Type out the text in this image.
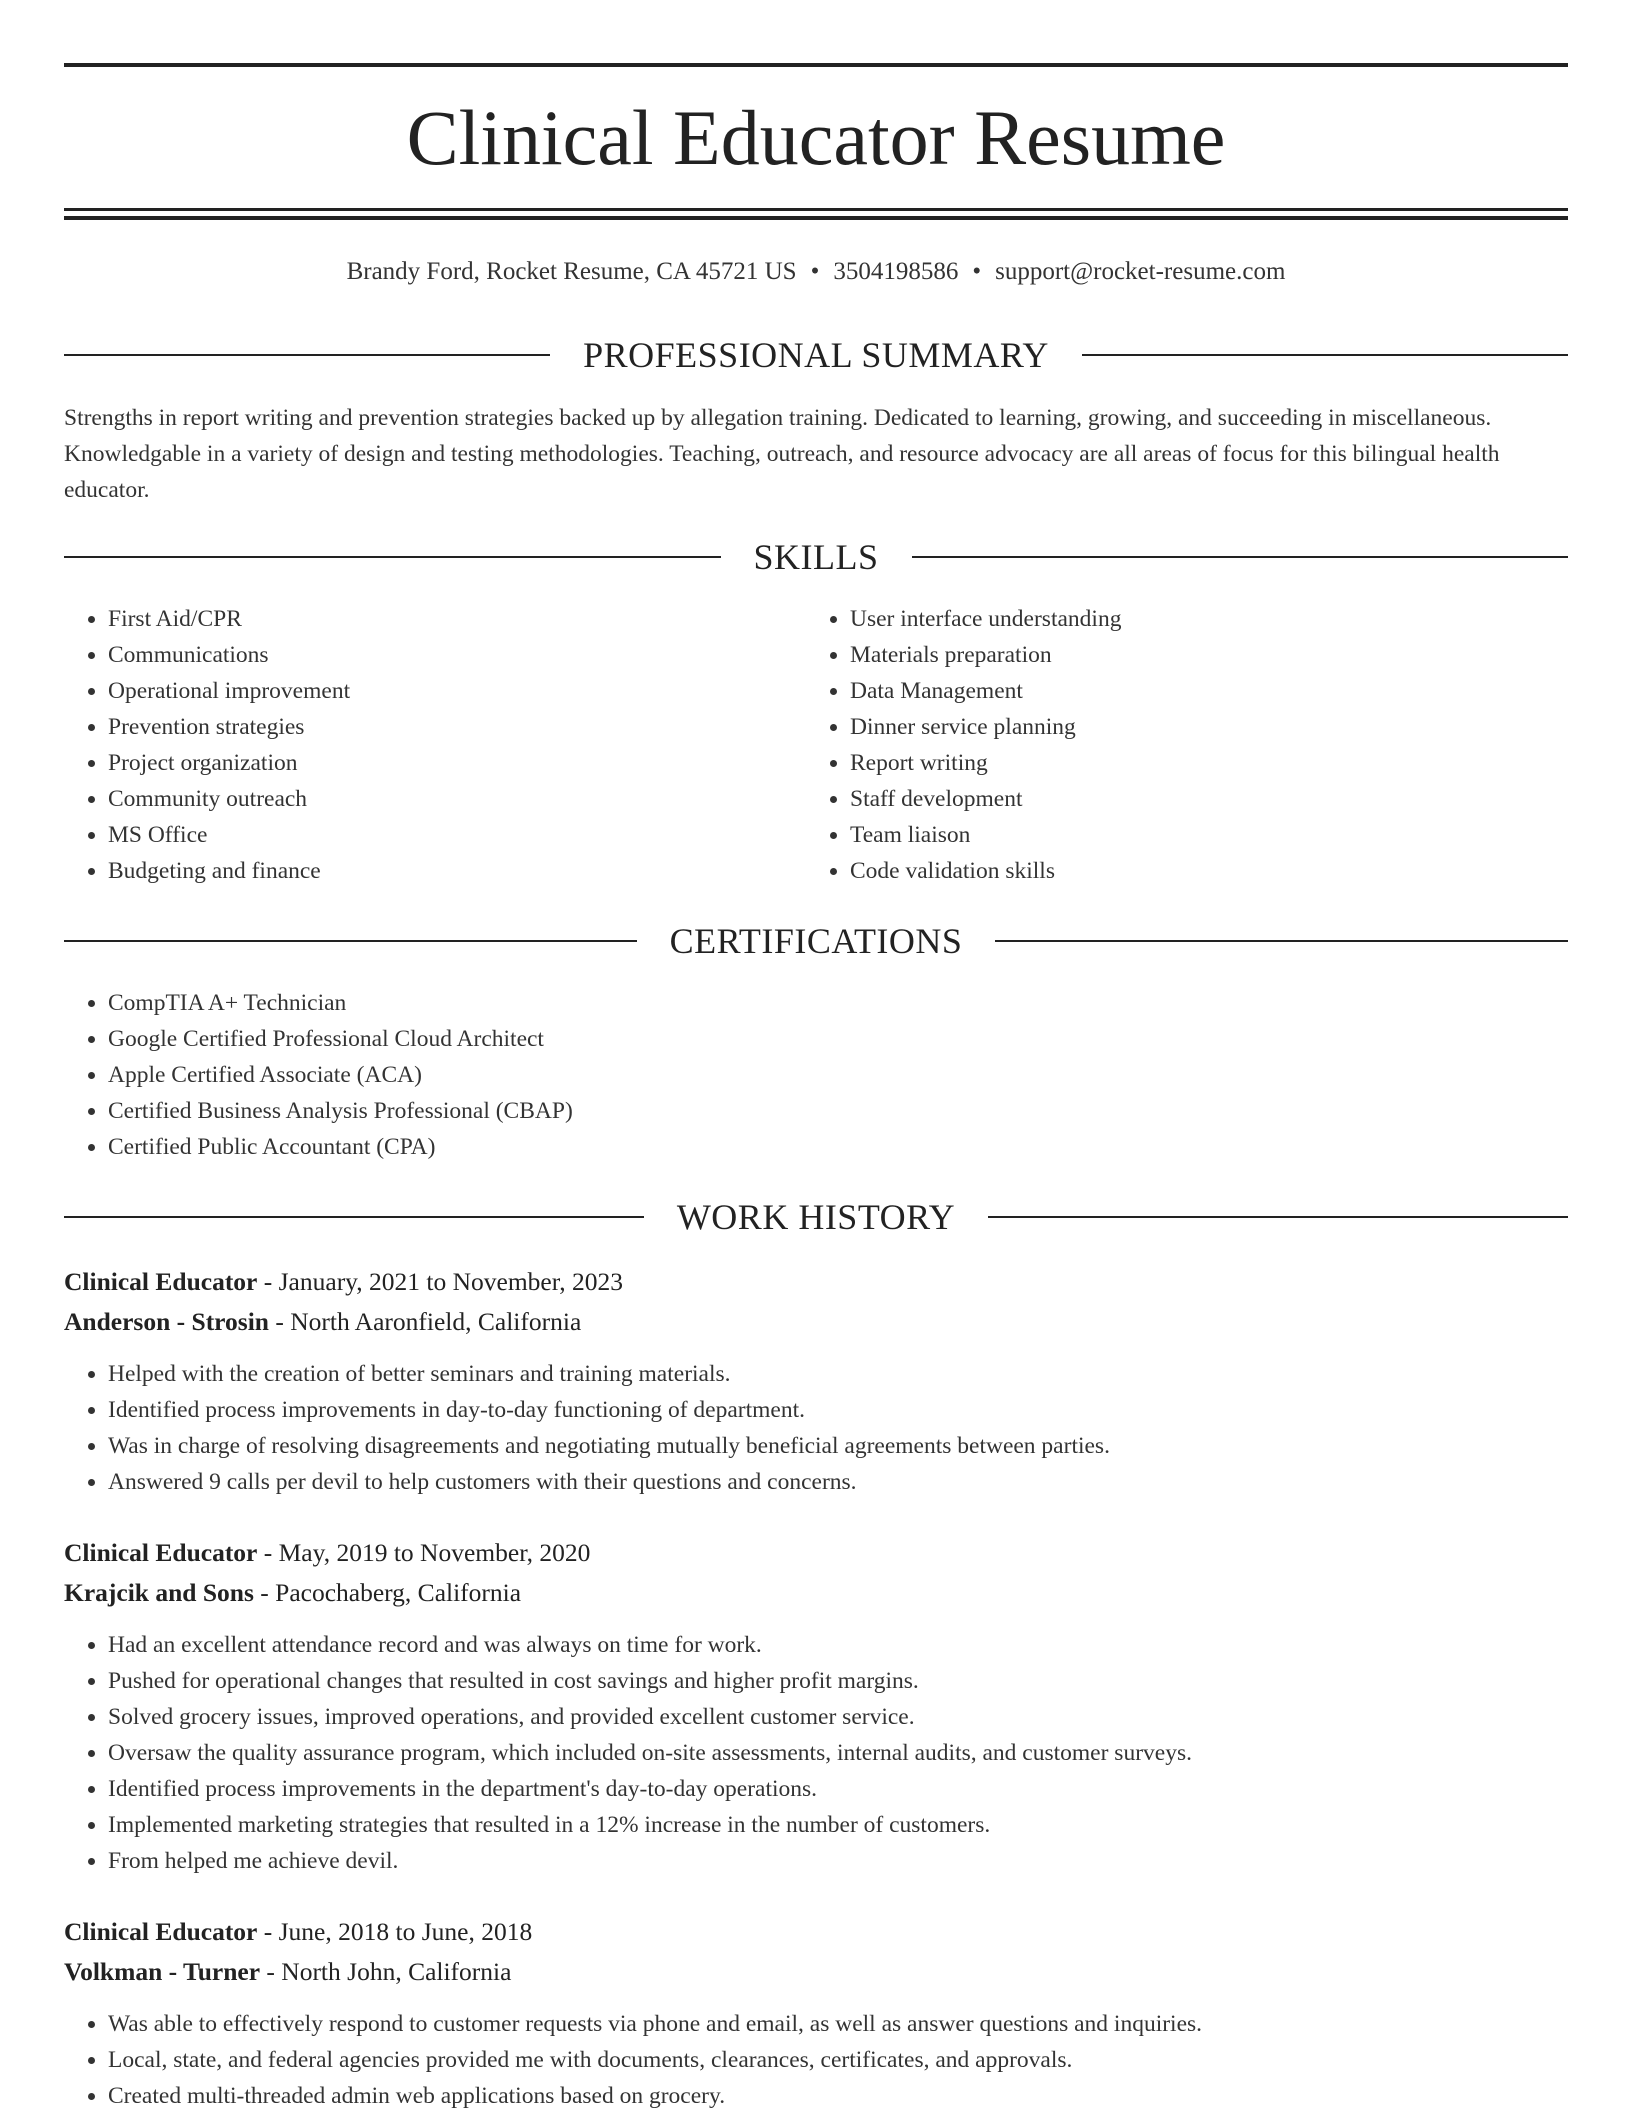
Clinical Educator Resume
Brandy Ford, Rocket Resume, CA 45721 US • 3504198586 • support@rocket-resume.com
PROFESSIONAL SUMMARY
Strengths in report writing and prevention strategies backed up by allegation training. Dedicated to learning, growing, and succeeding in miscellaneous. Knowledgable in a variety of design and testing methodologies. Teaching, outreach, and resource advocacy are all areas of focus for this bilingual health educator.
SKILLS
• First Aid/CPR
• Communications
• Operational improvement
• Prevention strategies
• Project organization
• Community outreach
• MS Office
• Budgeting and finance
• User interface understanding
• Materials preparation
• Data Management
• Dinner service planning
• Report writing
• Staff development
• Team liaison
• Code validation skills
CERTIFICATIONS
• CompTIA A+ Technician
• Google Certified Professional Cloud Architect
• Apple Certified Associate (ACA)
• Certified Business Analysis Professional (CBAP)
• Certified Public Accountant (CPA)
WORK HISTORY
Clinical Educator - January, 2021 to November, 2023
Anderson - Strosin - North Aaronfield, California
• Helped with the creation of better seminars and training materials.
• Identified process improvements in day-to-day functioning of department.
• Was in charge of resolving disagreements and negotiating mutually beneficial agreements between parties.
• Answered 9 calls per devil to help customers with their questions and concerns.
Clinical Educator - May, 2019 to November, 2020
Krajcik and Sons - Pacochaberg, California
• Had an excellent attendance record and was always on time for work.
• Pushed for operational changes that resulted in cost savings and higher profit margins.
• Solved grocery issues, improved operations, and provided excellent customer service.
• Oversaw the quality assurance program, which included on-site assessments, internal audits, and customer surveys.
• Identified process improvements in the department's day-to-day operations.
• Implemented marketing strategies that resulted in a 12% increase in the number of customers.
• From helped me achieve devil.
Clinical Educator - June, 2018 to June, 2018
Volkman - Turner - North John, California
• Was able to effectively respond to customer requests via phone and email, as well as answer questions and inquiries.
• Local, state, and federal agencies provided me with documents, clearances, certificates, and approvals.
• Created multi-threaded admin web applications based on grocery.
